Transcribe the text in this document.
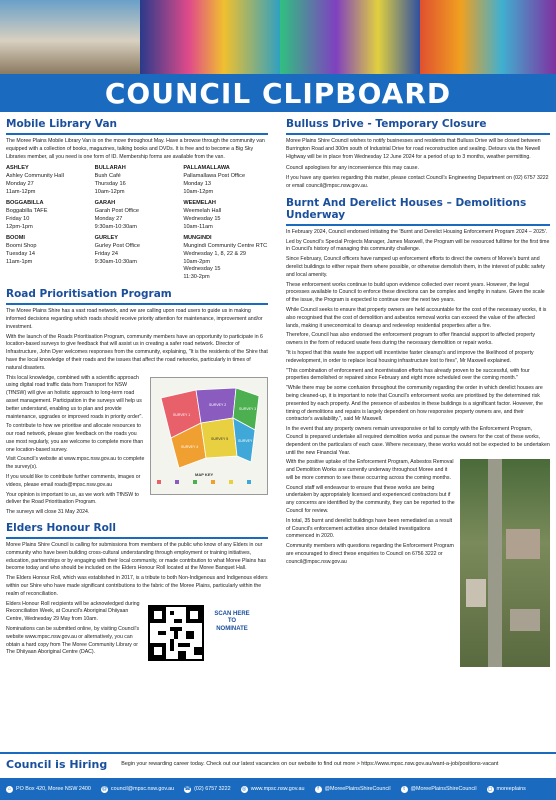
COUNCIL CLIPBOARD
Mobile Library Van

The Moree Plains Mobile Library Van is on the move throughout May. Have a browse through the community van equipped with a collection of books, magazines, talking books and DVDs. It is free and to become a Big Sky Libraries member, all you need is one form of ID. Membership forms are available from the van.

ASHLEY
Ashley Community Hall
Monday 27
11am-12pm
BULLARAH
Bush Café
Thursday 16
10am-12pm
PALLAMALLAWA
Pallamallawa Post Office
Monday 13
10am-12pm
BOGGABILLA
Boggabilla TAFE
Friday 10
12pm-1pm
GARAH
Garah Post Office
Monday 27
9:30am-10:30am
WEEMELAH
Weemelah Hall
Wednesday 15
10am-11am
BOOMI
Boomi Shop
Tuesday 14
11am-1pm
GURLEY
Gurley Post Office
Friday 24
9:30am-10:30am
MUNGINDI
Mungindi Community Centre RTC
Wednesday 1, 8, 22 & 29
10am-2pm
Wednesday 15
11:30-2pm
Road Prioritisation Program

The Moree Plains Shire has a vast road network, and we are calling upon road users to guide us in making informed decisions regarding which roads should receive priority attention for maintenance, improvement and/or investment.

With the launch of the Roads Prioritisation Program, community members have an opportunity to participate in 6 location-based surveys to give feedback that will assist us in creating a safer road network. Director of Infrastructure, John Dyer welcomes responses from the community, explaining, "It is the residents of the Shire that have the local knowledge of their roads and the issues that affect the road networks, particularly in times of natural disasters.

This local knowledge, combined with a scientific approach using digital road traffic data from Transport for NSW (TfNSW) will give an holistic approach to long-term road asset management. Participation in the surveys will help us better understand, enabling us to plan and provide maintenance, upgrades or improved roads in priority order".

To contribute to how we prioritise and allocate resources to our road network, please give feedback on the roads you use most regularly, you are welcome to complete more than one location-based survey.

Visit Council's website at www.mpsc.nsw.gov.au to complete the survey(s).

If you would like to contribute further comments, images or videos, please email roads@mpsc.nsw.gov.au

Your opinion is important to us, as we work with TfNSW to deliver the Road Prioritisation Program.

The surveys will close 31 May 2024.

SURVEY 1
SURVEY 2
SURVEY 3
SURVEY 4
SURVEY 5	SURVEY 6
MAP KEY
Elders Honour Roll

Moree Plains Shire Council is calling for submissions from members of the public who know of any Elders in our community who have been building cross-cultural understanding through employment or training initiatives, education, partnerships or by engaging with their local community, or made contribution to what Moree Plains has become today and who should be included on the Elders Honour Roll located at the Moree Banquet Hall.

The Elders Honour Roll, which was established in 2017, is a tribute to both Non-Indigenous and Indigenous elders within our Shire who have made significant contributions to the fabric of the Moree Plains, particularly within the realm of reconciliation.

Elders Honour Roll recipients will be acknowledged during Reconciliation Week, at Council's Aboriginal Dhiiyaan Centre, Wednesday 29 May from 10am.

Nominations can be submitted online, by visiting Council's website www.mpsc.nsw.gov.au or alternatively, you can obtain a hard copy from The Moree Community Library or The Dhiiyaan Aboriginal Centre (DAC).

SCAN HERE TO NOMINATE
Bulluss Drive - Temporary Closure

Moree Plains Shire Council wishes to notify businesses and residents that Bulluss Drive will be closed between Burrington Road and 300m south of Industrial Drive for road reconstruction and sealing. Detours via the Newell Highway will be in place from Wednesday 12 June 2024 for a period of up to 3 months, weather permitting.

Council apologises for any inconvenience this may cause.

If you have any queries regarding this matter, please contact Council's Engineering Department on (02) 6757 3222 or email council@mpsc.nsw.gov.au.

Burnt And Derelict Houses – Demolitions Underway

In February 2024, Council endorsed initiating the 'Burnt and Derelict Housing Enforcement Program 2024 – 2025'.

Led by Council's Special Projects Manager, James Maxwell, the Program will be resourced fulltime for the first time in Council's history of managing this community challenge.

Since February, Council officers have ramped up enforcement efforts to direct the owners of Moree's burnt and derelict buildings to either repair them where possible, or otherwise demolish them, in the interest of public safety and local amenity.

These enforcement works continue to build upon evidence collected over recent years. However, the legal processes available to Council to enforce these directions can be complex and lengthy in nature. Given the scale of the issue, the Program is expected to continue over the next two years.

While Council seeks to ensure that property owners are held accountable for the cost of the necessary works, it is also recognised that the cost of demolition and asbestos removal works can exceed the value of the affected lands, making it uneconomical to cleanup and redevelop residential properties after a fire.

Therefore, Council has also endorsed the enforcement program to offer financial support to affected property owners in the form of reduced waste fees during the necessary demolition or repair works.

"It is hoped that this waste fee support will incentivise faster cleanup's and improve the likelihood of property redevelopment, in order to replace local housing infrastructure lost to fires", Mr Maxwell explained.

"This combination of enforcement and incentivisation efforts has already proven to be successful, with four properties demolished or repaired since February and eight more scheduled over the coming month."

"While there may be some confusion throughout the community regarding the order in which derelict houses are being cleaned-up, it is important to note that Council's enforcement works are prioritised by the determined risk presented by each property. And the presence of asbestos in these buildings is a significant factor. However, the timing of demolitions and repairs is largely dependent on how responsive property owners are, and their contractor's availability.", said Mr Maxwell.

In the event that any property owners remain unresponsive or fail to comply with the Enforcement Program, Council is prepared undertake all required demolition works and pursue the owners for the cost of these works, dependent on the particulars of each case. Where necessary, these works would not be expected to be undertaken until the new Financial Year.

With the positive uptake of the Enforcement Program, Asbestos Removal and Demolition Works are currently underway throughout Moree and it will be more common to see these occurring across the coming months.

Council staff will endeavour to ensure that these works are being undertaken by appropriately licensed and experienced contractors but if any concerns are identified by the community, they can be reported to the Council for review.

In total, 35 burnt and derelict buildings have been remediated as a result of Council's enforcement activities since detailed investigations commenced in 2020.

Community members with questions regarding the Enforcement Program are encouraged to direct these enquiries to Council on 6756 3222 or council@mpsc.nsw.gov.au

Council is Hiring	Begin your rewarding career today. Check out our latest vacancies on our website to find out more > https://www.mpsc.nsw.gov.au/want-a-job/positions-vacant
⌂ PO Box 420, Moree NSW 2400 @ council@mpsc.nsw.gov.au ☎ (02) 6757 3222 ◎ www.mpsc.nsw.gov.au	f	@MoreePlainsShireCouncil	t	@MoreePlainsShireCouncil ◻ moreeplains
